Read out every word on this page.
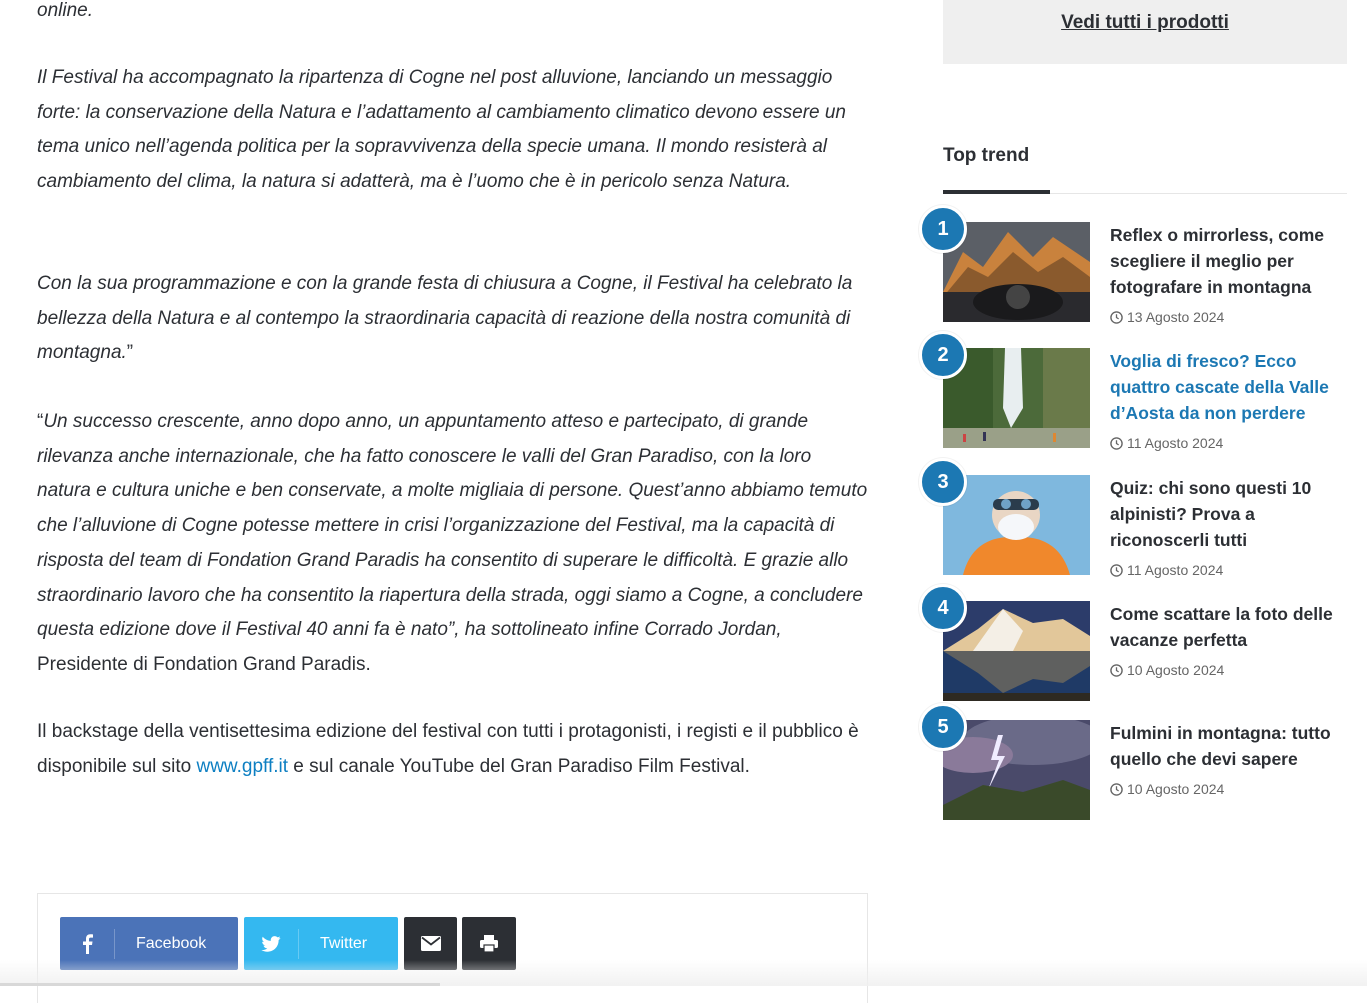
online.

Il Festival ha accompagnato la ripartenza di Cogne nel post alluvione, lanciando un messaggio forte: la conservazione della Natura e l’adattamento al cambiamento climatico devono essere un tema unico nell’agenda politica per la sopravvivenza della specie umana. Il mondo resisterà al cambiamento del clima, la natura si adatterà, ma è l’uomo che è in pericolo senza Natura.

Con la sua programmazione e con la grande festa di chiusura a Cogne, il Festival ha celebrato la bellezza della Natura e al contempo la straordinaria capacità di reazione della nostra comunità di montagna.”

“Un successo crescente, anno dopo anno, un appuntamento atteso e partecipato, di grande rilevanza anche internazionale, che ha fatto conoscere le valli del Gran Paradiso, con la loro natura e cultura uniche e ben conservate, a molte migliaia di persone. Quest’anno abbiamo temuto che l’alluvione di Cogne potesse mettere in crisi l’organizzazione del Festival, ma la capacità di risposta del team di Fondation Grand Paradis ha consentito di superare le difficoltà. E grazie allo straordinario lavoro che ha consentito la riapertura della strada, oggi siamo a Cogne, a concludere questa edizione dove il Festival 40 anni fa è nato”, ha sottolineato infine Corrado Jordan, Presidente di Fondation Grand Paradis.

Il backstage della ventisettesima edizione del festival con tutti i protagonisti, i registi e il pubblico è disponibile sul sito www.gpff.it e sul canale YouTube del Gran Paradiso Film Festival.

Facebook	Twitter
Vedi tutti i prodotti
Top trend
1	Reflex o mirrorless, come scegliere il meglio per fotografare in montagna
13 Agosto 2024
2	Voglia di fresco? Ecco quattro cascate della Valle d’Aosta da non perdere
11 Agosto 2024
3	Quiz: chi sono questi 10 alpinisti? Prova a riconoscerli tutti
11 Agosto 2024
4	Come scattare la foto delle vacanze perfetta
10 Agosto 2024
5	Fulmini in montagna: tutto quello che devi sapere
10 Agosto 2024
